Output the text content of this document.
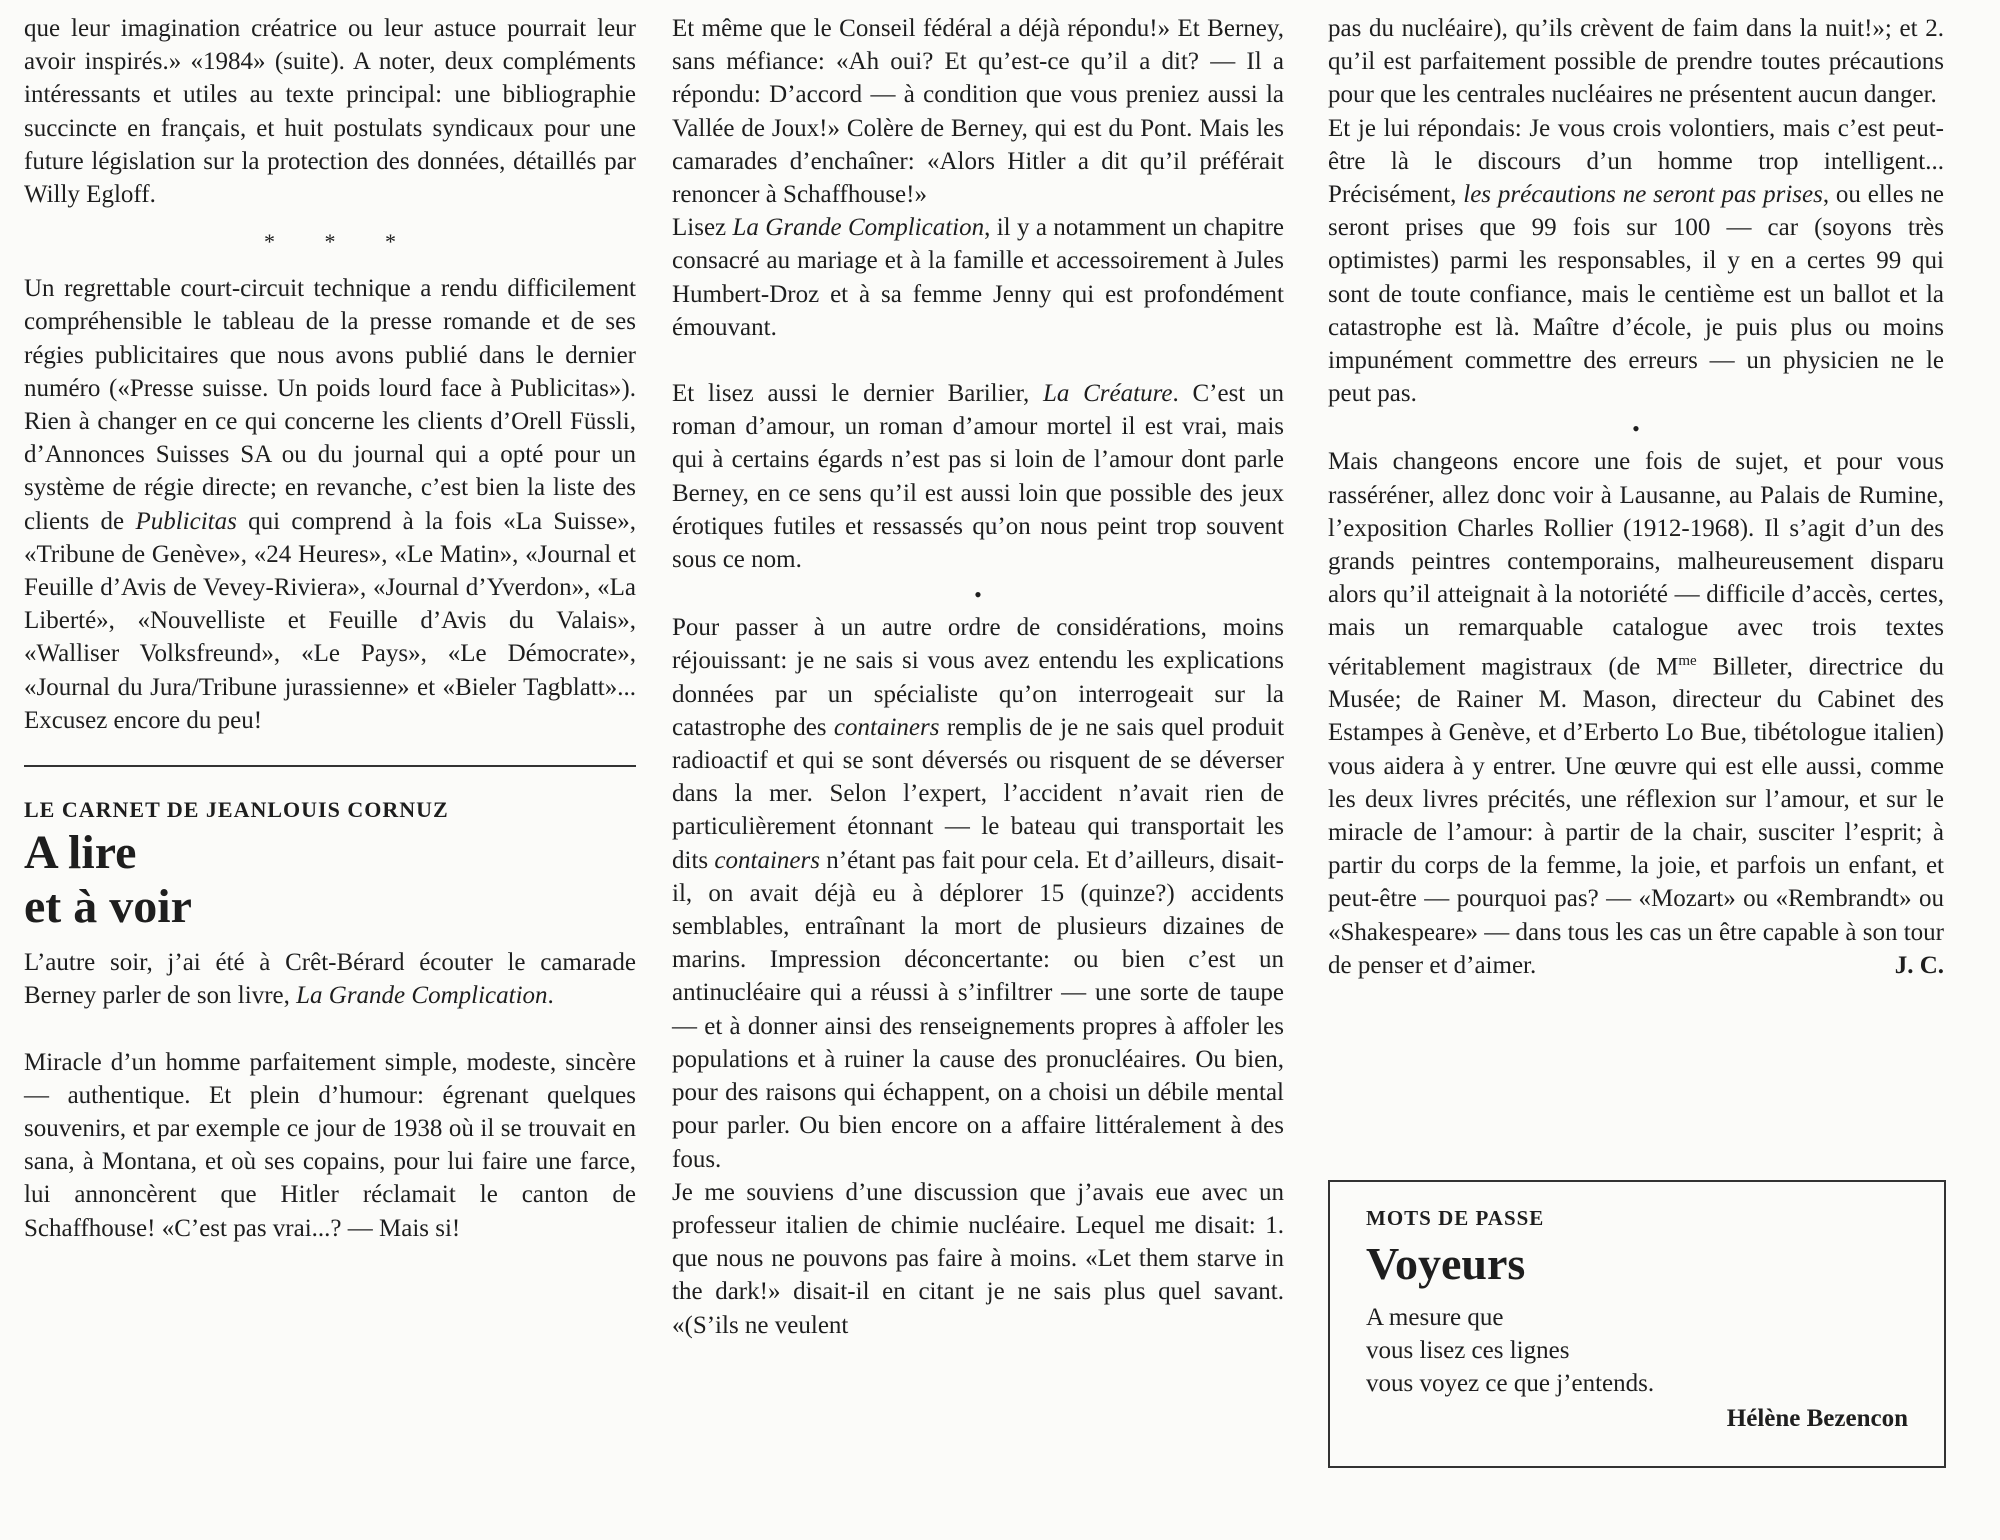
que leur imagination créatrice ou leur astuce pourrait leur avoir inspirés.» «1984» (suite). A noter, deux compléments intéressants et utiles au texte principal: une bibliographie succincte en français, et huit postulats syndicaux pour une future législation sur la protection des données, détaillés par Willy Egloff.

* * *

Un regrettable court-circuit technique a rendu difficilement compréhensible le tableau de la presse romande et de ses régies publicitaires que nous avons publié dans le dernier numéro («Presse suisse. Un poids lourd face à Publicitas»). Rien à changer en ce qui concerne les clients d’Orell Füssli, d’Annonces Suisses SA ou du journal qui a opté pour un système de régie directe; en revanche, c’est bien la liste des clients de Publicitas qui comprend à la fois «La Suisse», «Tribune de Genève», «24 Heures», «Le Matin», «Journal et Feuille d’Avis de Vevey-Riviera», «Journal d’Yverdon», «La Liberté», «Nouvelliste et Feuille d’Avis du Valais», «Walliser Volksfreund», «Le Pays», «Le Démocrate», «Journal du Jura/Tribune jurassienne» et «Bieler Tagblatt»... Excusez encore du peu!

LE CARNET DE JEANLOUIS CORNUZ

A lire
et à voir

L’autre soir, j’ai été à Crêt-Bérard écouter le camarade Berney parler de son livre, La Grande Complication.

Miracle d’un homme parfaitement simple, modeste, sincère — authentique. Et plein d’humour: égrenant quelques souvenirs, et par exemple ce jour de 1938 où il se trouvait en sana, à Montana, et où ses copains, pour lui faire une farce, lui annoncèrent que Hitler réclamait le canton de Schaffhouse! «C’est pas vrai...? — Mais si!

Et même que le Conseil fédéral a déjà répondu!» Et Berney, sans méfiance: «Ah oui? Et qu’est-ce qu’il a dit? — Il a répondu: D’accord — à condition que vous preniez aussi la Vallée de Joux!» Colère de Berney, qui est du Pont. Mais les camarades d’enchaîner: «Alors Hitler a dit qu’il préférait renoncer à Schaffhouse!»

Lisez La Grande Complication, il y a notamment un chapitre consacré au mariage et à la famille et accessoirement à Jules Humbert-Droz et à sa femme Jenny qui est profondément émouvant.

Et lisez aussi le dernier Barilier, La Créature. C’est un roman d’amour, un roman d’amour mortel il est vrai, mais qui à certains égards n’est pas si loin de l’amour dont parle Berney, en ce sens qu’il est aussi loin que possible des jeux érotiques futiles et ressassés qu’on nous peint trop souvent sous ce nom.

•

Pour passer à un autre ordre de considérations, moins réjouissant: je ne sais si vous avez entendu les explications données par un spécialiste qu’on interrogeait sur la catastrophe des containers remplis de je ne sais quel produit radioactif et qui se sont déversés ou risquent de se déverser dans la mer. Selon l’expert, l’accident n’avait rien de particulièrement étonnant — le bateau qui transportait les dits containers n’étant pas fait pour cela. Et d’ailleurs, disait-il, on avait déjà eu à déplorer 15 (quinze?) accidents semblables, entraînant la mort de plusieurs dizaines de marins. Impression déconcertante: ou bien c’est un antinucléaire qui a réussi à s’infiltrer — une sorte de taupe — et à donner ainsi des renseignements propres à affoler les populations et à ruiner la cause des pronucléaires. Ou bien, pour des raisons qui échappent, on a choisi un débile mental pour parler. Ou bien encore on a affaire littéralement à des fous.

Je me souviens d’une discussion que j’avais eue avec un professeur italien de chimie nucléaire. Lequel me disait: 1. que nous ne pouvons pas faire à moins. «Let them starve in the dark!» disait-il en citant je ne sais plus quel savant. «(S’ils ne veulent

pas du nucléaire), qu’ils crèvent de faim dans la nuit!»; et 2. qu’il est parfaitement possible de prendre toutes précautions pour que les centrales nucléaires ne présentent aucun danger.

Et je lui répondais: Je vous crois volontiers, mais c’est peut-être là le discours d’un homme trop intelligent... Précisément, les précautions ne seront pas prises, ou elles ne seront prises que 99 fois sur 100 — car (soyons très optimistes) parmi les responsables, il y en a certes 99 qui sont de toute confiance, mais le centième est un ballot et la catastrophe est là. Maître d’école, je puis plus ou moins impunément commettre des erreurs — un physicien ne le peut pas.

•

Mais changeons encore une fois de sujet, et pour vous rasséréner, allez donc voir à Lausanne, au Palais de Rumine, l’exposition Charles Rollier (1912-1968). Il s’agit d’un des grands peintres contemporains, malheureusement disparu alors qu’il atteignait à la notoriété — difficile d’accès, certes, mais un remarquable catalogue avec trois textes véritablement magistraux (de $M^{me}$ Billeter, directrice du Musée; de Rainer M. Mason, directeur du Cabinet des Estampes à Genève, et d’Erberto Lo Bue, tibétologue italien) vous aidera à y entrer. Une œuvre qui est elle aussi, comme les deux livres précités, une réflexion sur l’amour, et sur le miracle de l’amour: à partir de la chair, susciter l’esprit; à partir du corps de la femme, la joie, et parfois un enfant, et peut-être — pourquoi pas? — «Mozart» ou «Rembrandt» ou «Shakespeare» — dans tous les cas un être capable à son tour de penser et d’aimer.	J. C.

MOTS DE PASSE

Voyeurs
A mesure que
vous lisez ces lignes
vous voyez ce que j’entends.
Hélène Bezencon
